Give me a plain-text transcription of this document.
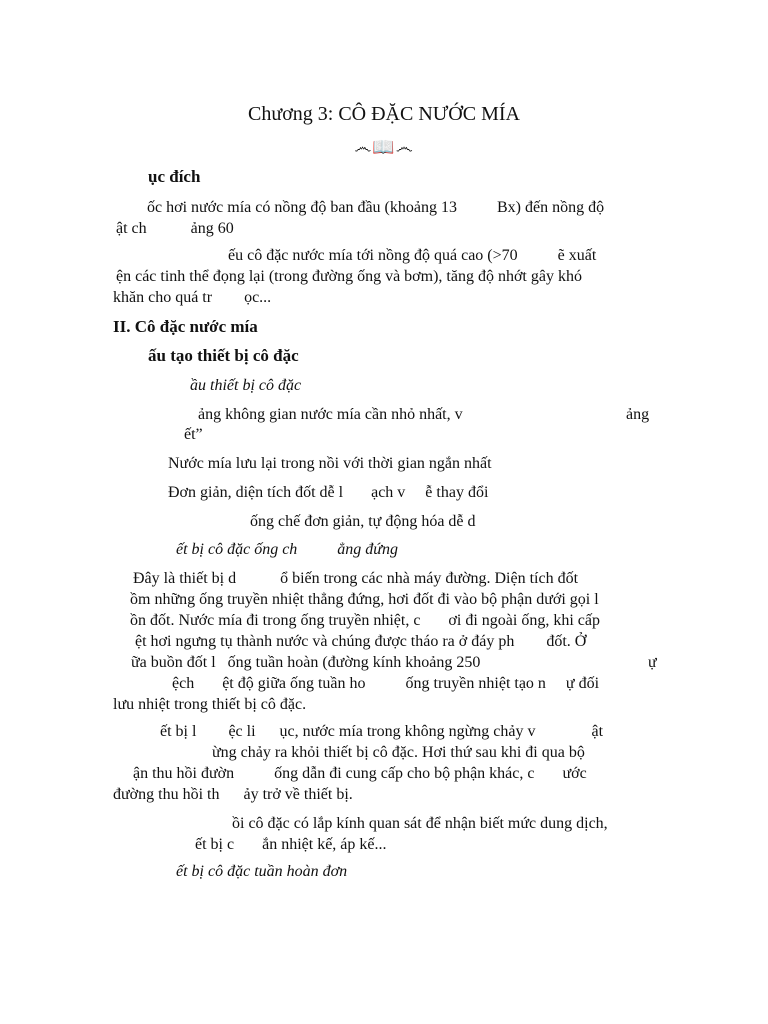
Chương 3: CÔ ĐẶC NƯỚC MÍA
෴📖෴
ục đích
ốc hơi nước mía có nồng độ ban đầu (khoảng 13          Bx) đến nồng độ
ật ch           ảng 60
ếu cô đặc nước mía tới nồng độ quá cao (>70          ẽ xuất
ện các tinh thể đọng lại (trong đường ống và bơm), tăng độ nhớt gây khó
khăn cho quá tr        ọc...
II. Cô đặc nước mía
ấu tạo thiết bị cô đặc
ầu thiết bị cô đặc
ảng không gian nước mía cần nhỏ nhất, v	ảng
ết”
Nước mía lưu lại trong nồi với thời gian ngắn nhất
Đơn giản, diện tích đốt dễ l       ạch v     ễ thay đổi
ống chế đơn giản, tự động hóa dễ d
ết bị cô đặc ống ch          ẳng đứng
Đây là thiết bị d           ổ biến trong các nhà máy đường. Diện tích đốt
ồm những ống truyền nhiệt thẳng đứng, hơi đốt đi vào bộ phận dưới gọi l
ồn đốt. Nước mía đi trong ống truyền nhiệt, c       ơi đi ngoài ống, khi cấp
ệt hơi ngưng tụ thành nước và chúng được tháo ra ở đáy ph        đốt. Ở
ữa buồn đốt l   ống tuần hoàn (đường kính khoảng 250	ự
ệch       ệt độ giữa ống tuần ho          ống truyền nhiệt tạo n     ự đối
lưu nhiệt trong thiết bị cô đặc.
ết bị l        ệc li      ục, nước mía trong không ngừng chảy v              ật
ừng chảy ra khỏi thiết bị cô đặc. Hơi thứ sau khi đi qua bộ
ận thu hồi đườn          ống dẫn đi cung cấp cho bộ phận khác, c       ước
đường thu hồi th      ảy trở về thiết bị.
ồi cô đặc có lắp kính quan sát để nhận biết mức dung dịch,
ết bị c       ắn nhiệt kế, áp kế...
ết bị cô đặc tuần hoàn đơn
